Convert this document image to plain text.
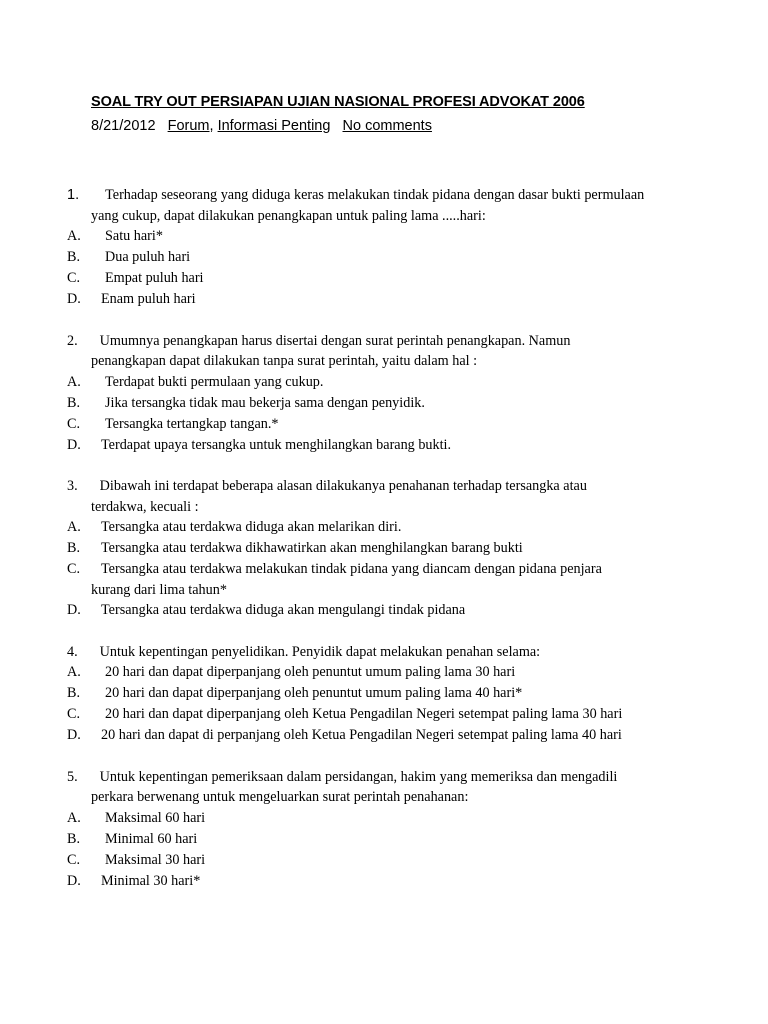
SOAL TRY OUT PERSIAPAN UJIAN NASIONAL PROFESI ADVOKAT 2006
8/21/2012 Forum, Informasi Penting No comments
1. Terhadap seseorang yang diduga keras melakukan tindak pidana dengan dasar bukti permulaan
yang cukup, dapat dilakukan penangkapan untuk paling lama .....hari:
A.	Satu hari*
B.	Dua puluh hari
C.	Empat puluh hari
D.	Enam puluh hari
2. Umumnya penangkapan harus disertai dengan surat perintah penangkapan. Namun
penangkapan dapat dilakukan tanpa surat perintah, yaitu dalam hal :
A.	Terdapat bukti permulaan yang cukup.
B.	Jika tersangka tidak mau bekerja sama dengan penyidik.
C.	Tersangka tertangkap tangan.*
D.	Terdapat upaya tersangka untuk menghilangkan barang bukti.
3. Dibawah ini terdapat beberapa alasan dilakukanya penahanan terhadap tersangka atau
terdakwa, kecuali :
A.	Tersangka atau terdakwa diduga akan melarikan diri.
B.	Tersangka atau terdakwa dikhawatirkan akan menghilangkan barang bukti
C. Tersangka atau terdakwa melakukan tindak pidana yang diancam dengan pidana penjara
kurang dari lima tahun*
D.	Tersangka atau terdakwa diduga akan mengulangi tindak pidana
4. Untuk kepentingan penyelidikan. Penyidik dapat melakukan penahan selama:
A.	20 hari dan dapat diperpanjang oleh penuntut umum paling lama 30 hari
B.	20 hari dan dapat diperpanjang oleh penuntut umum paling lama 40 hari*
C.	20 hari dan dapat diperpanjang oleh Ketua Pengadilan Negeri setempat paling lama 30 hari
D.	20 hari dan dapat di perpanjang oleh Ketua Pengadilan Negeri setempat paling lama 40 hari
5. Untuk kepentingan pemeriksaan dalam persidangan, hakim yang memeriksa dan mengadili
perkara berwenang untuk mengeluarkan surat perintah penahanan:
A.	Maksimal 60 hari
B.	Minimal 60 hari
C.	Maksimal 30 hari
D.	Minimal 30 hari*
